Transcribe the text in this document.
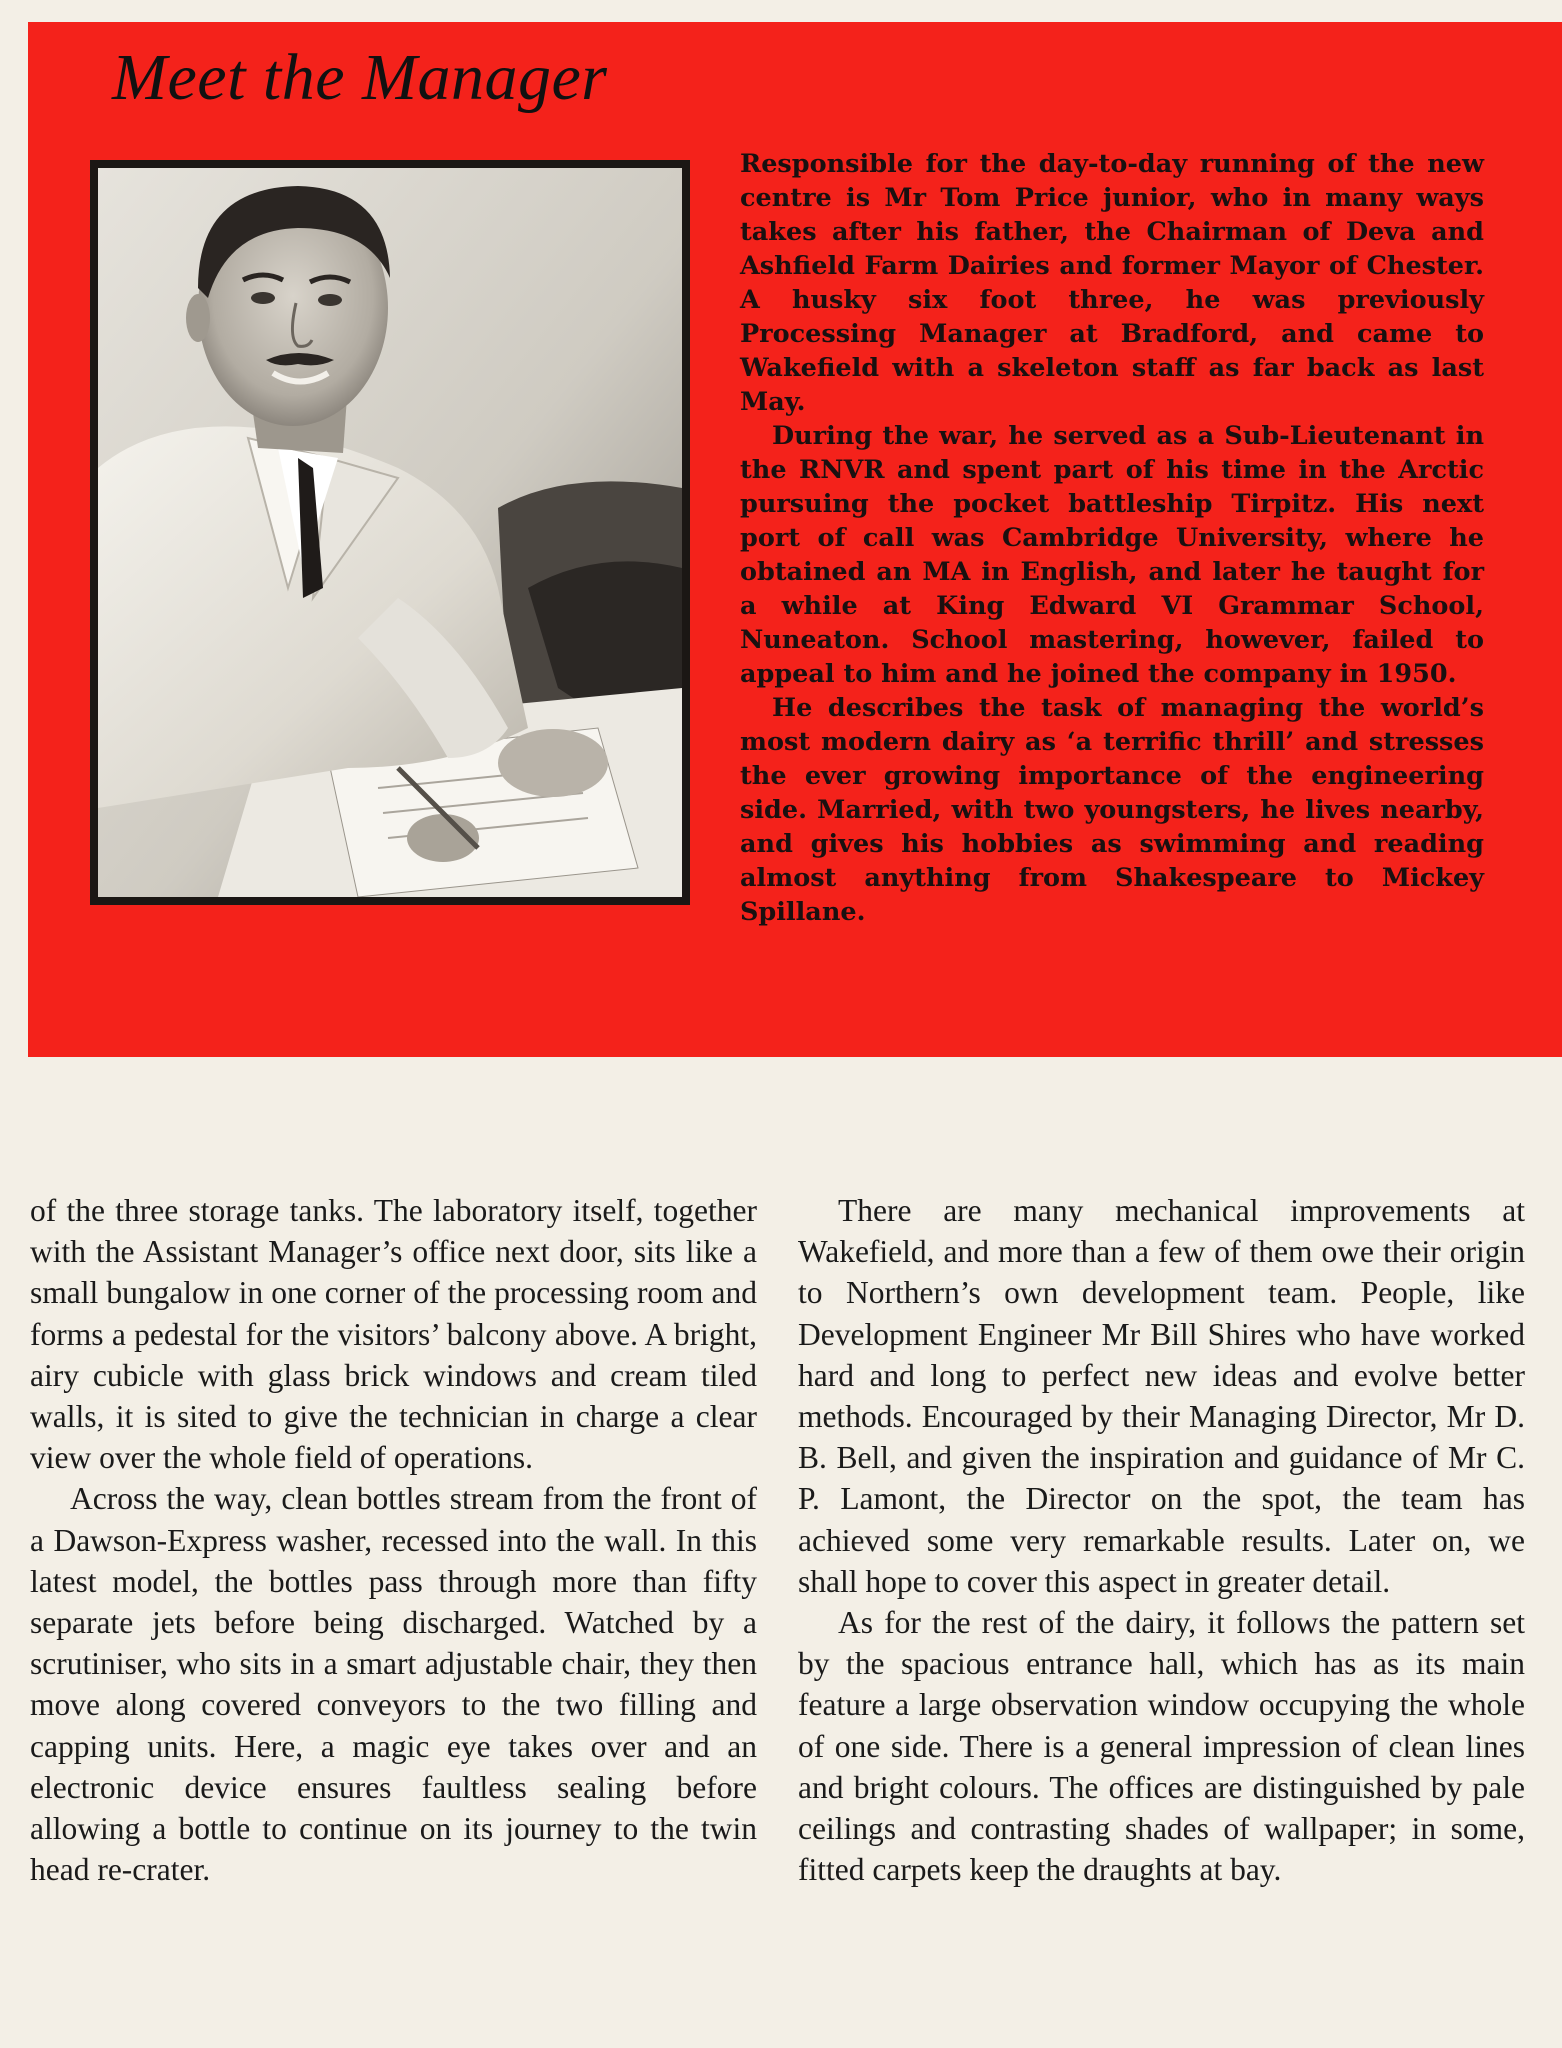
Meet the Manager

Responsible for the day-to-day running of the new centre is Mr Tom Price junior, who in many ways takes after his father, the Chairman of Deva and Ashfield Farm Dairies and former Mayor of Chester. A husky six foot three, he was previously Processing Manager at Bradford, and came to Wakefield with a skeleton staff as far back as last May.

During the war, he served as a Sub-Lieutenant in the RNVR and spent part of his time in the Arctic pursuing the pocket battleship Tirpitz. His next port of call was Cambridge University, where he obtained an MA in English, and later he taught for a while at King Edward VI Grammar School, Nuneaton. School mastering, however, failed to appeal to him and he joined the company in 1950.

He describes the task of managing the world’s most modern dairy as ‘a terrific thrill’ and stresses the ever growing importance of the engineering side. Married, with two youngsters, he lives nearby, and gives his hobbies as swimming and reading almost anything from Shakespeare to Mickey Spillane.

of the three storage tanks. The laboratory itself, together with the Assistant Manager’s office next door, sits like a small bungalow in one corner of the processing room and forms a pedestal for the visitors’ balcony above. A bright, airy cubicle with glass brick windows and cream tiled walls, it is sited to give the technician in charge a clear view over the whole field of operations.

Across the way, clean bottles stream from the front of a Dawson-Express washer, recessed into the wall. In this latest model, the bottles pass through more than fifty separate jets before being discharged. Watched by a scrutiniser, who sits in a smart adjustable chair, they then move along covered conveyors to the two filling and capping units. Here, a magic eye takes over and an electronic device ensures faultless sealing before allowing a bottle to continue on its journey to the twin head re-crater.

There are many mechanical improvements at Wakefield, and more than a few of them owe their origin to Northern’s own development team. People, like Development Engineer Mr Bill Shires who have worked hard and long to perfect new ideas and evolve better methods. Encouraged by their Managing Director, Mr D. B. Bell, and given the inspiration and guidance of Mr C. P. Lamont, the Director on the spot, the team has achieved some very remarkable results. Later on, we shall hope to cover this aspect in greater detail.

As for the rest of the dairy, it follows the pattern set by the spacious entrance hall, which has as its main feature a large observation window occupying the whole of one side. There is a general impression of clean lines and bright colours. The offices are distinguished by pale ceilings and contrasting shades of wallpaper; in some, fitted carpets keep the draughts at bay.
